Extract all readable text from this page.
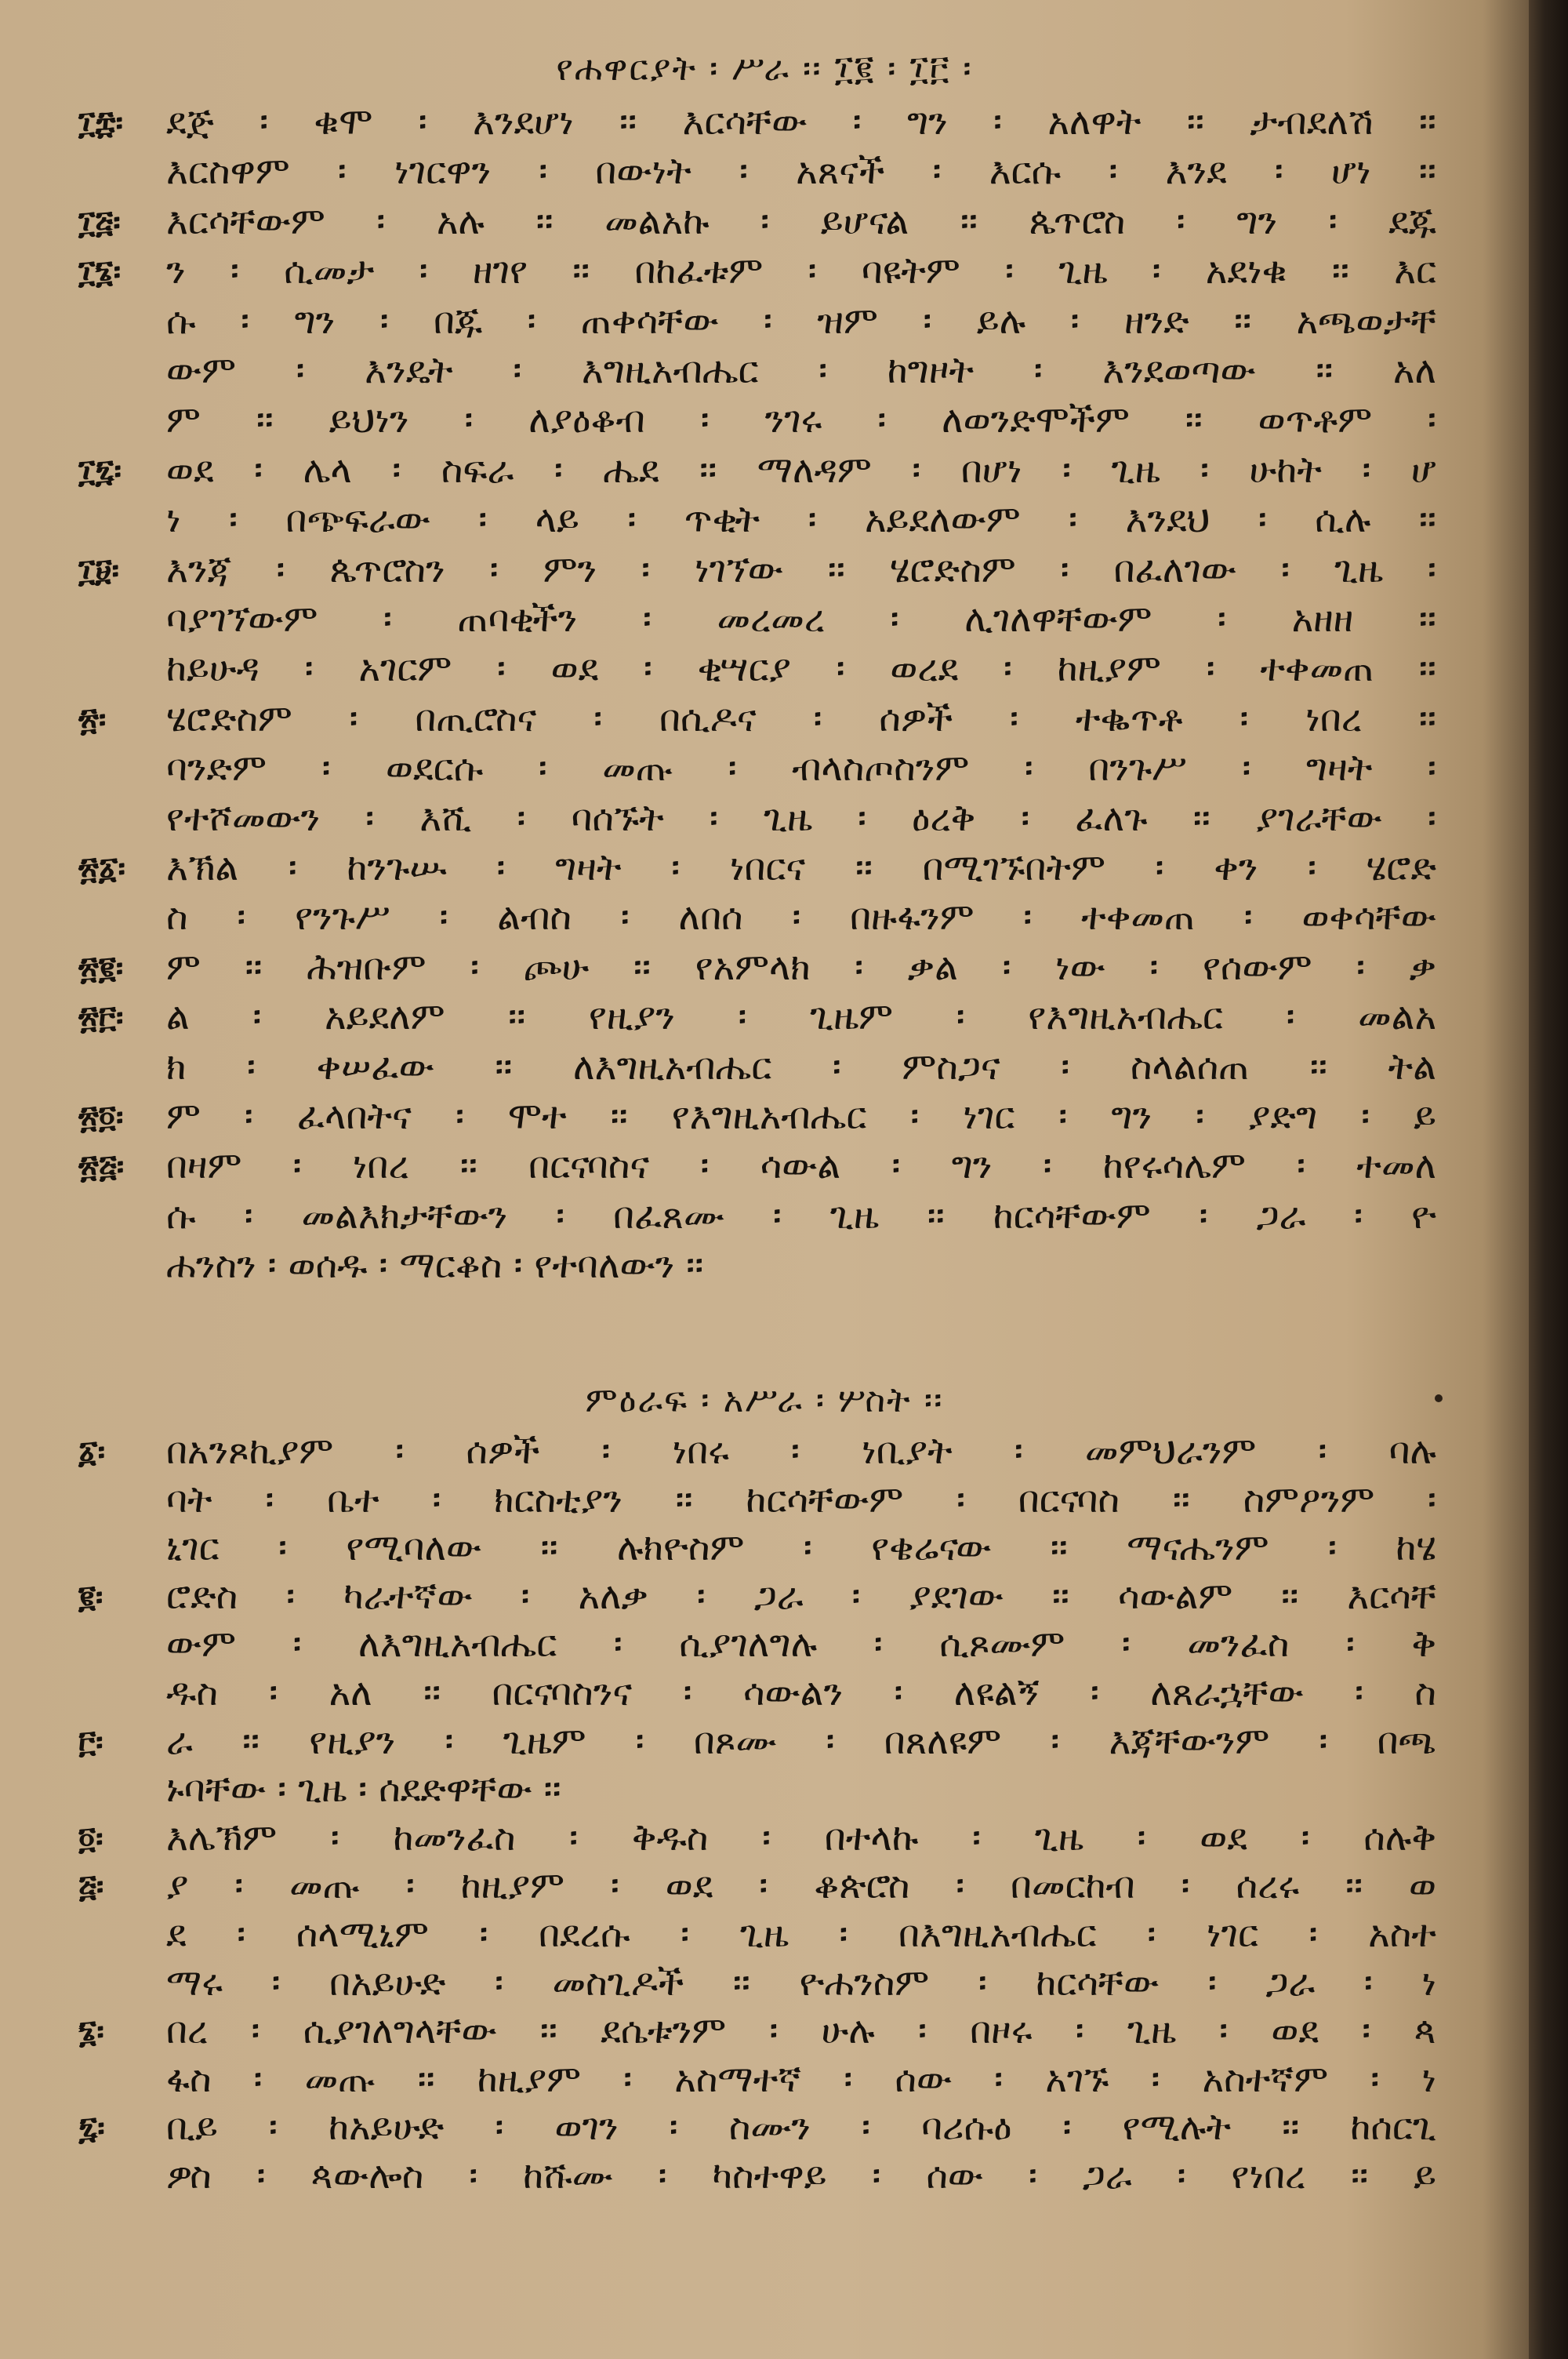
የሐዋርያት ፡ ሥራ ፡፡ ፲፪ ፡ ፲፫ ፡
፲፰፡	ደጅ ፡ ቁሞ ፡ እንደሆነ ፡፡ እርሳቸው ፡ ግን ፡ አለዋት ፡፡ ታብደለሽ ፡፡
እርስዋም ፡ ነገርዋን ፡ በውነት ፡ አጸናች ፡ እርሱ ፡ እንደ ፡ ሆነ ፡፡
፲፭፡	እርሳቸውም ፡ አሉ ፡፡ መልአኩ ፡ ይሆናል ፡፡ ጴጥሮስ ፡ ግን ፡ ደጁ
፲፮፡	ን ፡ ሲመታ ፡ ዘገየ ፡፡ በከፈቱም ፡ ባዩትም ፡ ጊዜ ፡ አደነቁ ፡፡ እር
ሱ ፡ ግን ፡ በጁ ፡ ጠቀሳቸው ፡ ዝም ፡ ይሉ ፡ ዘንድ ፡፡ አጫወታቸ
ውም ፡ እንዴት ፡ እግዚአብሔር ፡ ከግዞት ፡ እንደወጣው ፡፡ አለ
ም ፡፡ ይህነን ፡ ለያዕቆብ ፡ ንገሩ ፡ ለወንድሞችም ፡፡ ወጥቶም ፡
፲፯፡	ወደ ፡ ሌላ ፡ ስፍራ ፡ ሔደ ፡፡ ማለዳም ፡ በሆነ ፡ ጊዜ ፡ ሁከት ፡ ሆ
ነ ፡ በጭፍራው ፡ ላይ ፡ ጥቂት ፡ አይደለውም ፡ እንደህ ፡ ሲሉ ፡፡
፲፱፡	እንጃ ፡ ጴጥሮስን ፡ ምን ፡ ነገኘው ፡፡ ሄሮድስም ፡ በፈለገው ፡ ጊዜ ፡
ባያገኘውም ፡ ጠባቂችን ፡ መረመረ ፡ ሊገለዋቸውም ፡ አዘዘ ፡፡
ከይሁዳ ፡ አገርም ፡ ወደ ፡ ቂሣርያ ፡ ወረደ ፡ ከዚያም ፡ ተቀመጠ ፡፡
፳፡	ሄሮድስም ፡ በጢሮስና ፡ በሲዶና ፡ ሰዎች ፡ ተቈጥቶ ፡ ነበረ ፡፡
ባንድም ፡ ወደርሱ ፡ መጡ ፡ ብላስጦስንም ፡ በንጉሥ ፡ ግዛት ፡
የተሾመውን ፡ እሺ ፡ ባሰኙት ፡ ጊዜ ፡ ዕረቅ ፡ ፈለጉ ፡፡ ያገራቸው ፡
፳፩፡	እኽል ፡ ከንጉሡ ፡ ግዛት ፡ ነበርና ፡፡ በሚገኙበትም ፡ ቀን ፡ ሄሮድ
ስ ፡ የንጉሥ ፡ ልብስ ፡ ለበሰ ፡ በዙፋንም ፡ ተቀመጠ ፡ ወቀሳቸው
፳፪፡	ም ፡፡ ሕዝቡም ፡ ጮሁ ፡፡ የአምላክ ፡ ቃል ፡ ነው ፡ የሰውም ፡ ቃ
፳፫፡	ል ፡ አይደለም ፡፡ የዚያን ፡ ጊዜም ፡ የእግዚአብሔር ፡ መልአ
ክ ፡ ቀሠፈው ፡፡ ለእግዚአብሔር ፡ ምስጋና ፡ ስላልሰጠ ፡፡ ትል
፳፬፡	ም ፡ ፈላበትና ፡ ሞተ ፡፡ የእግዚአብሔር ፡ ነገር ፡ ግን ፡ ያድግ ፡ ይ
፳፭፡	በዛም ፡ ነበረ ፡፡ በርናባስና ፡ ሳውል ፡ ግን ፡ ከየሩሳሌም ፡ ተመለ
ሱ ፡ መልእክታቸውን ፡ በፈጸሙ ፡ ጊዜ ፡፡ ከርሳቸውም ፡ ጋራ ፡ ዮ
ሐንስን ፡ ወሰዱ ፡ ማርቆስ ፡ የተባለውን ፡፡
፩፡	በአንጾኪያም ፡ ሰዎች ፡ ነበሩ ፡ ነቢያት ፡ መምህራንም ፡ ባሉ
ባት ፡ ቤተ ፡ ክርስቲያን ፡፡ ከርሳቸውም ፡ በርናባስ ፡፡ ስምዖንም ፡
ኒገር ፡ የሚባለው ፡፡ ሉክዮስም ፡ የቄሬናው ፡፡ ማናሔንም ፡ ከሄ
፪፡	ሮድስ ፡ ካራተኛው ፡ አለቃ ፡ ጋራ ፡ ያደገው ፡፡ ሳውልም ፡፡ እርሳቸ
ውም ፡ ለእግዚአብሔር ፡ ሲያገለግሉ ፡ ሲጾሙም ፡ መንፈስ ፡ ቅ
ዱስ ፡ አለ ፡፡ በርናባስንና ፡ ሳውልን ፡ ለዩልኝ ፡ ለጸራኋቸው ፡ ስ
፫፡	ራ ፡፡ የዚያን ፡ ጊዜም ፡ በጾሙ ፡ በጸለዩም ፡ እጃቸውንም ፡ በጫ
ኑባቸው ፡ ጊዜ ፡ ሰደድዋቸው ፡፡
፬፡	እሌኽም ፡ ከመንፈስ ፡ ቅዱስ ፡ በተላኩ ፡ ጊዜ ፡ ወደ ፡ ሰሉቅ
፭፡	ያ ፡ መጡ ፡ ከዚያም ፡ ወደ ፡ ቆጵሮስ ፡ በመርከብ ፡ ሰረሩ ፡፡ ወ
ደ ፡ ሰላሚኒም ፡ በደረሱ ፡ ጊዜ ፡ በእግዚአብሔር ፡ ነገር ፡ አስተ
ማሩ ፡ በአይሁድ ፡ መስጊዶች ፡፡ ዮሐንስም ፡ ከርሳቸው ፡ ጋራ ፡ ነ
፮፡	በረ ፡ ሲያገለግላቸው ፡፡ ደሴቱንም ፡ ሁሉ ፡ በዞሩ ፡ ጊዜ ፡ ወደ ፡ ጳ
ፋስ ፡ መጡ ፡፡ ከዚያም ፡ አስማተኛ ፡ ሰው ፡ አገኙ ፡ አስተኛም ፡ ነ
፯፡	ቢይ ፡ ከአይሁድ ፡ ወገን ፡ ስሙን ፡ ባሪሱዕ ፡ የሚሉት ፡፡ ከሰርጊ
ዎስ ፡ ጳውሎስ ፡ ከሹሙ ፡ ካስተዋይ ፡ ሰው ፡ ጋራ ፡ የነበረ ፡፡ ይ
ምዕራፍ ፡ አሥራ ፡ ሦስት ፡፡
